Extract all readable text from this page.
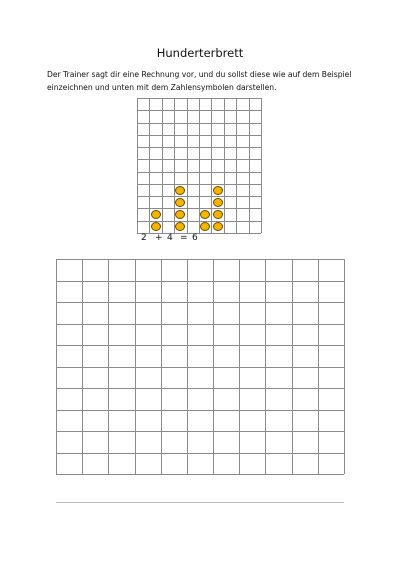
Hunderterbrett
Der Trainer sagt dir eine Rechnung vor, und du sollst diese wie auf dem Beispiel einzeichnen und unten mit dem Zahlensymbolen darstellen.
2 + 4 = 6
